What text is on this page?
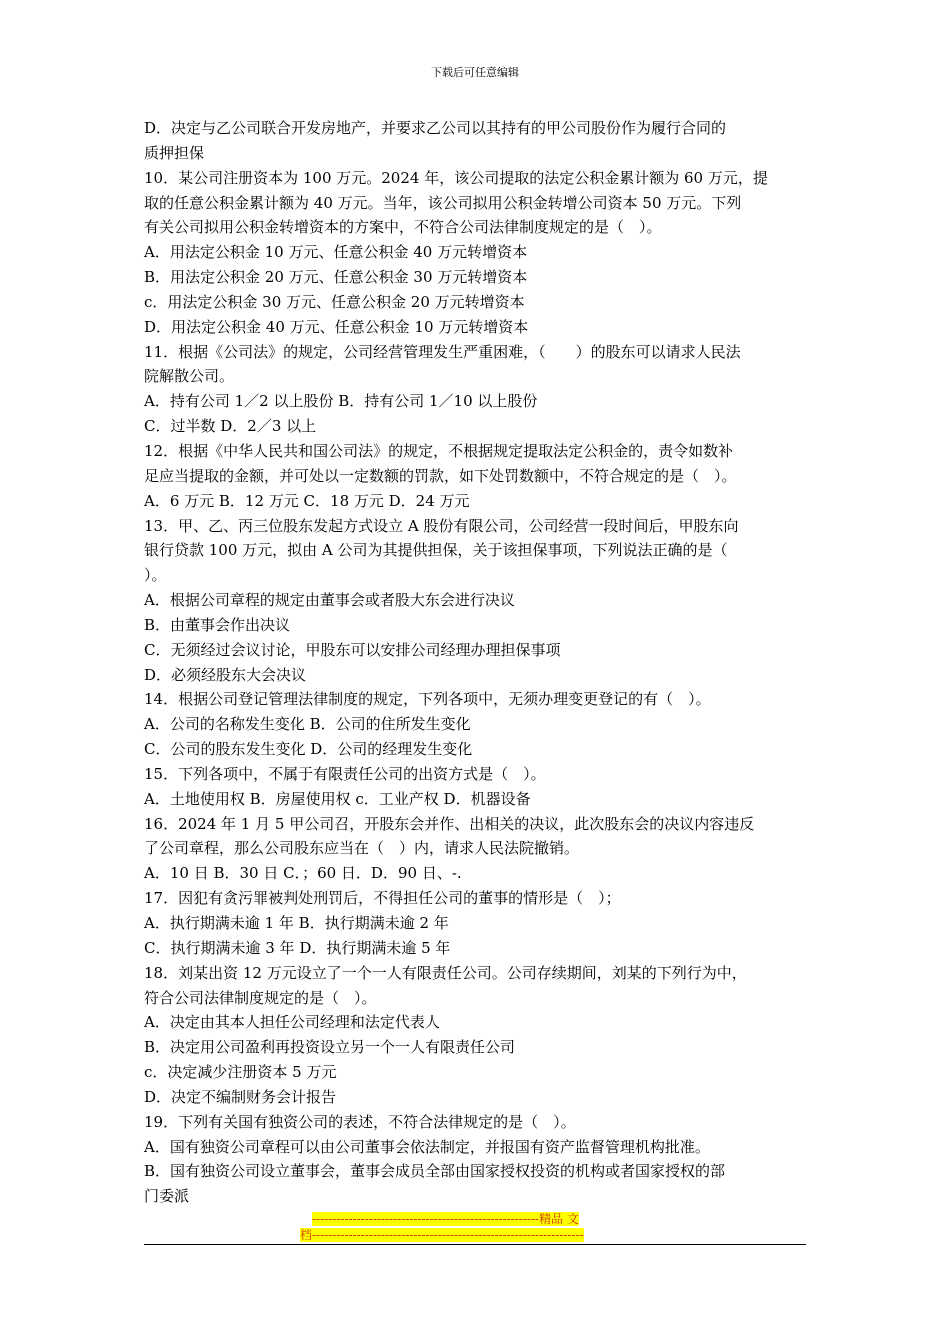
下载后可任意编辑
D．决定与乙公司联合开发房地产，并要求乙公司以其持有的甲公司股份作为履行合同的
质押担保
10．某公司注册资本为 100 万元。2024 年，该公司提取的法定公积金累计额为 60 万元，提
取的任意公积金累计额为 40 万元。当年，该公司拟用公积金转增公司资本 50 万元。下列
有关公司拟用公积金转增资本的方案中，不符合公司法律制度规定的是（　）。
A．用法定公积金 10 万元、任意公积金 40 万元转增资本
B．用法定公积金 20 万元、任意公积金 30 万元转增资本
c．用法定公积金 30 万元、任意公积金 20 万元转增资本
D．用法定公积金 40 万元、任意公积金 10 万元转增资本
11．根据《公司法》的规定，公司经营管理发生严重困难，（　　）的股东可以请求人民法
院解散公司。
A．持有公司 1／2 以上股份 B．持有公司 1／10 以上股份
C．过半数 D．2／3 以上
12．根据《中华人民共和国公司法》的规定，不根据规定提取法定公积金的，责令如数补
足应当提取的金额，并可处以一定数额的罚款，如下处罚数额中，不符合规定的是（　）。
A．6 万元 B．12 万元 C．18 万元 D．24 万元
13．甲、乙、丙三位股东发起方式设立 A 股份有限公司，公司经营一段时间后，甲股东向
银行贷款 100 万元，拟由 A 公司为其提供担保，关于该担保事项，下列说法正确的是（
）。
A．根据公司章程的规定由董事会或者股大东会进行决议
B．由董事会作出决议
C．无须经过会议讨论，甲股东可以安排公司经理办理担保事项
D．必须经股东大会决议
14．根据公司登记管理法律制度的规定，下列各项中，无须办理变更登记的有（　）。
A．公司的名称发生变化 B．公司的住所发生变化
C．公司的股东发生变化 D．公司的经理发生变化
15．下列各项中，不属于有限责任公司的出资方式是（　）。
A．土地使用权 B．房屋使用权 c．工业产权 D．机器设备
16．2024 年 1 月 5 甲公司召，开股东会并作、出相关的决议，此次股东会的决议内容违反
了公司章程，那么公司股东应当在（　）内，请求人民法院撤销。
A．10 日 B．30 日 C．；60 日．D．90 日、-.
17．因犯有贪污罪被判处刑罚后，不得担任公司的董事的情形是（　）；
A．执行期满未逾 1 年 B．执行期满未逾 2 年
C．执行期满未逾 3 年 D．执行期满未逾 5 年
18．刘某出资 12 万元设立了一个一人有限责任公司。公司存续期间，刘某的下列行为中，
符合公司法律制度规定的是（　）。
A．决定由其本人担任公司经理和法定代表人
B．决定用公司盈利再投资设立另一个一人有限责任公司
c．决定减少注册资本 5 万元
D．决定不编制财务会计报告
19．下列有关国有独资公司的表述，不符合法律规定的是（　）。
A．国有独资公司章程可以由公司董事会依法制定，并报国有资产监督管理机构批准。
B．国有独资公司设立董事会，董事会成员全部由国家授权投资的机构或者国家授权的部
门委派
--------------------------------------------------------精品 文
档-------------------------------------------------------------------
